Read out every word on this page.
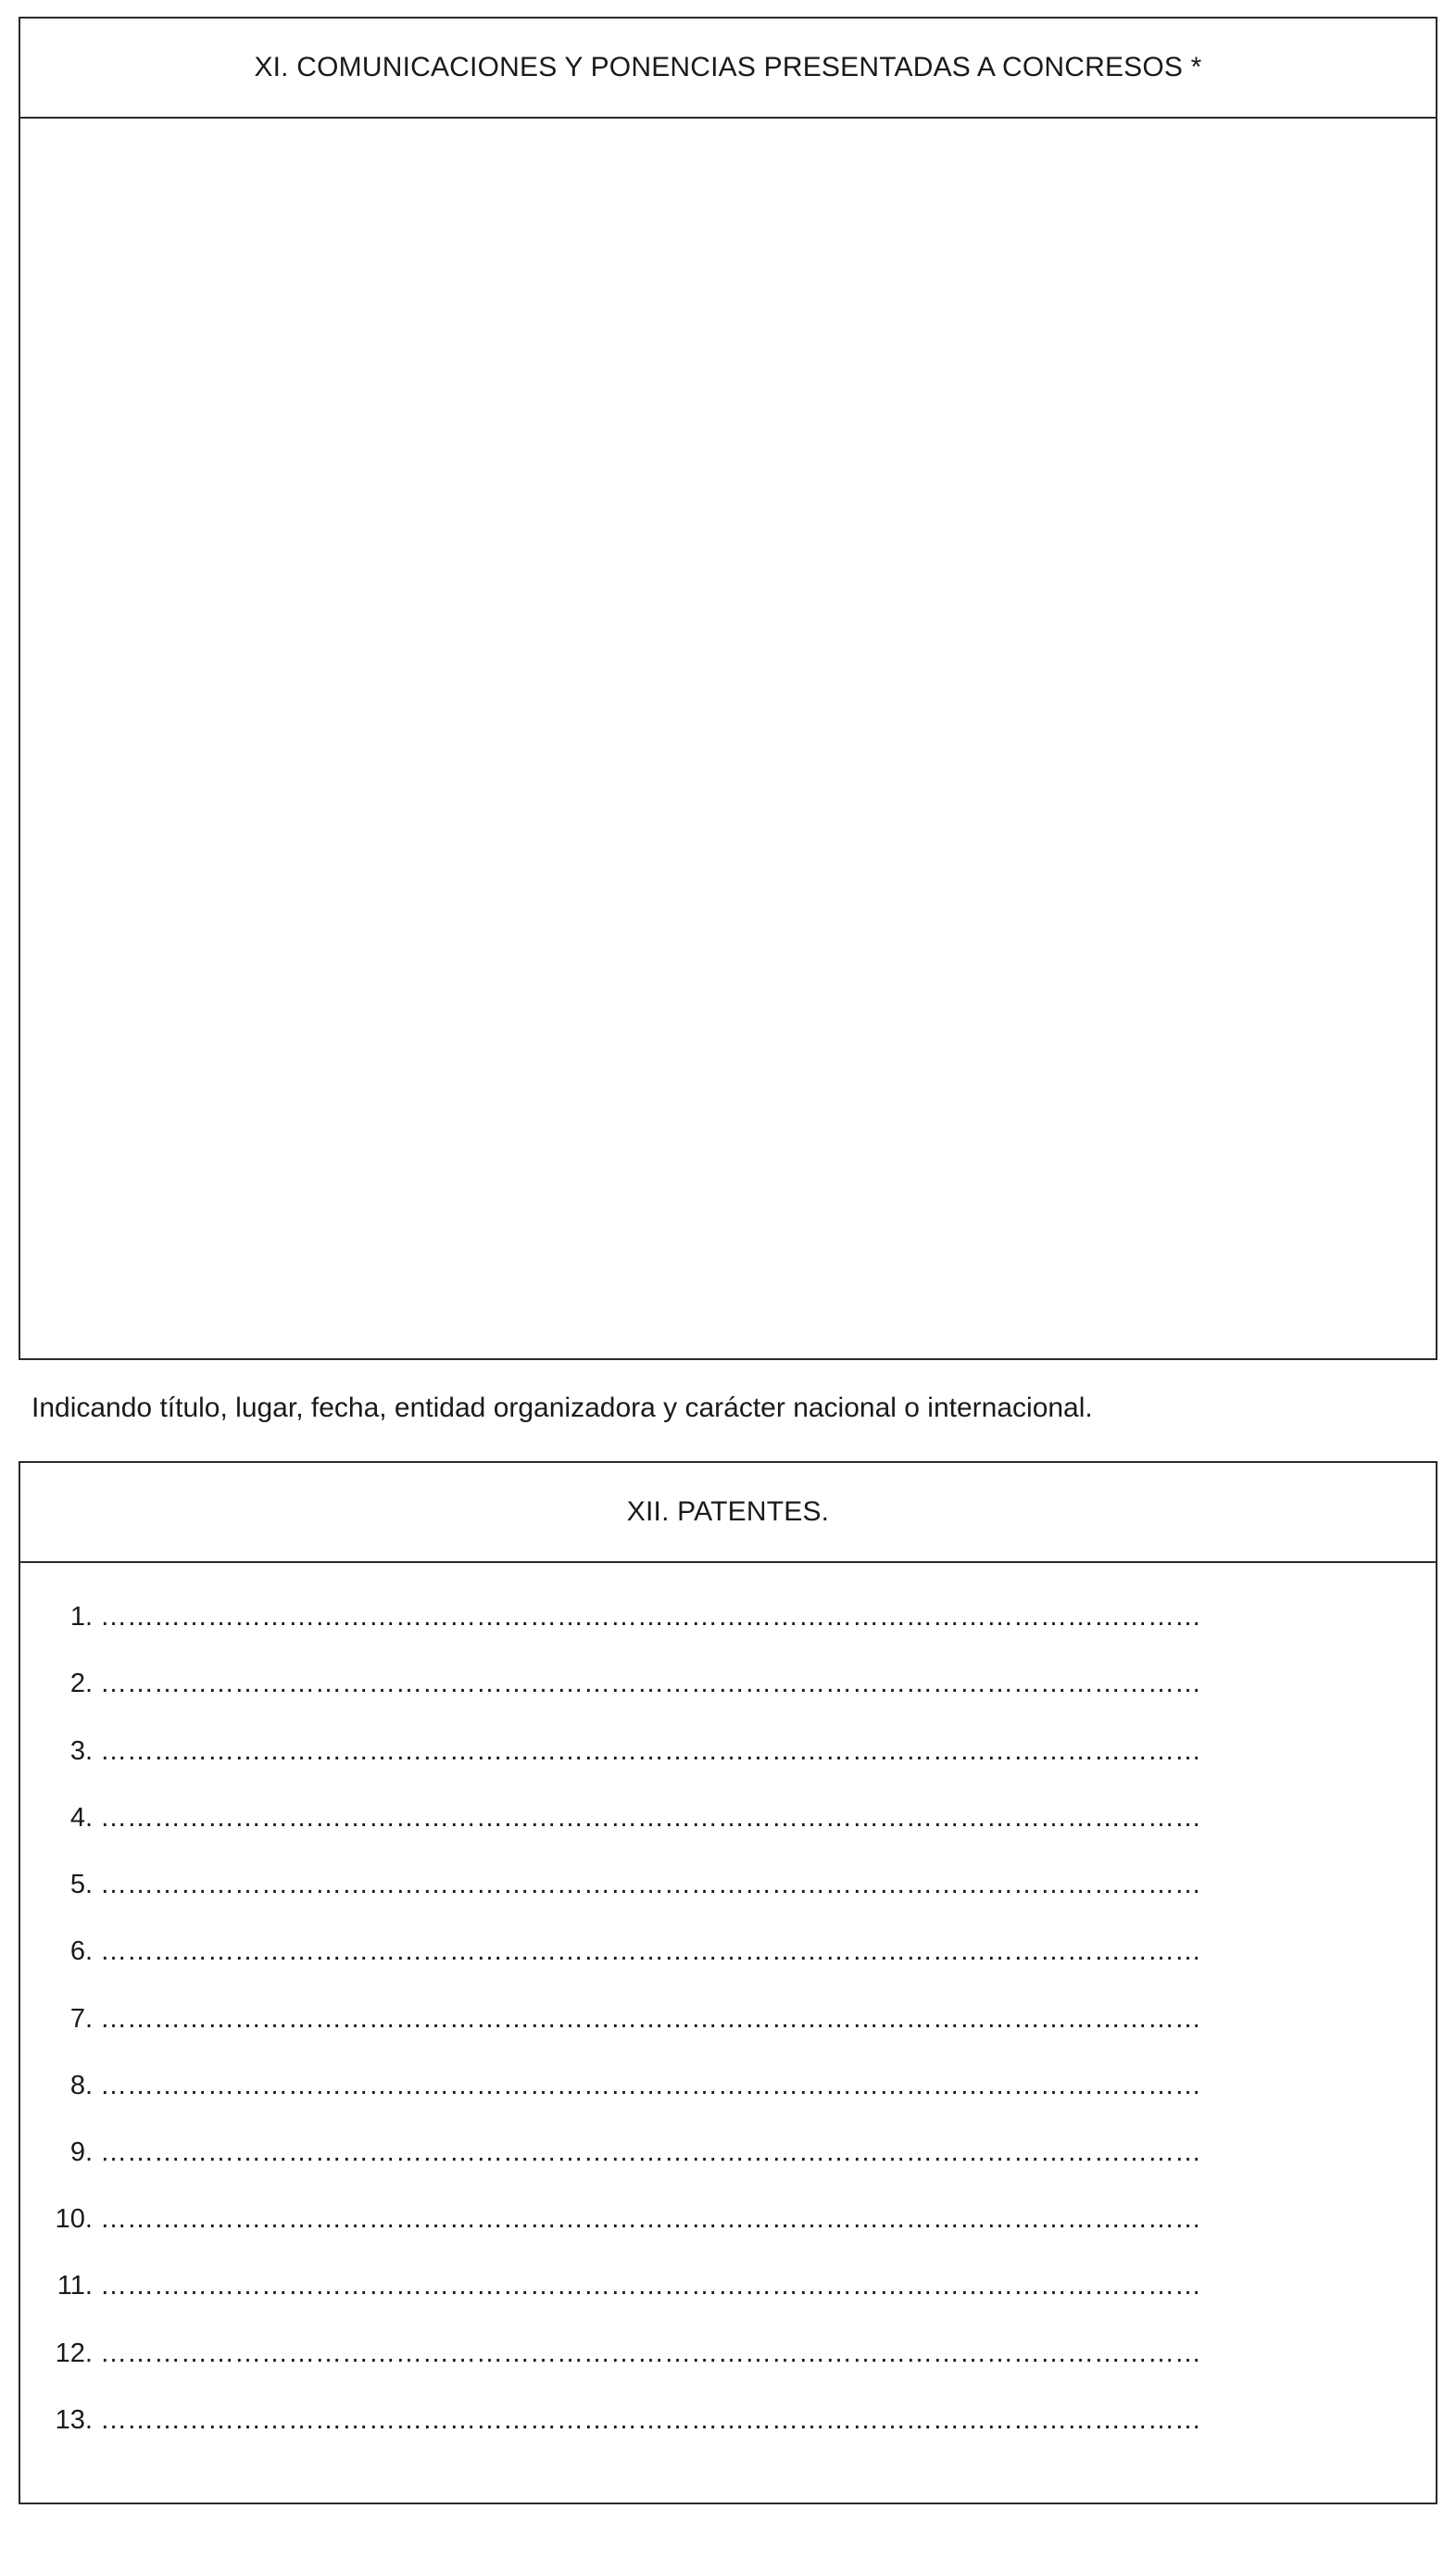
XI. COMUNICACIONES Y PONENCIAS PRESENTADAS A CONCRESOS *
Indicando título, lugar, fecha, entidad organizadora y carácter nacional o internacional.
XII. PATENTES.
1. ……………………………………………………………………………………………………………
2. ……………………………………………………………………………………………………………
3. ……………………………………………………………………………………………………………
4. ……………………………………………………………………………………………………………
5. ……………………………………………………………………………………………………………
6. ……………………………………………………………………………………………………………
7. ……………………………………………………………………………………………………………
8. ……………………………………………………………………………………………………………
9. ……………………………………………………………………………………………………………
10. ……………………………………………………………………………………………………………
11. ……………………………………………………………………………………………………………
12. ……………………………………………………………………………………………………………
13. ……………………………………………………………………………………………………………
